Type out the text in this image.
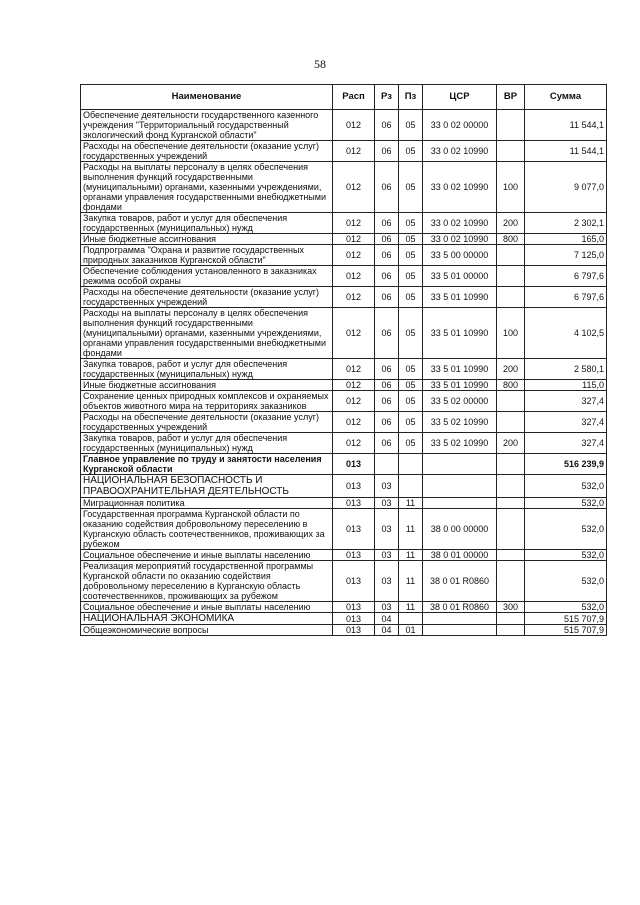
58
Наименование	Расп	Рз	Пз	ЦСР	ВР	Сумма
Обеспечение деятельности государственного казенного учреждения "Территориальный государственный экологический фонд Курганской области"	012	06	05	33 0 02 00000		11 544,1
Расходы на обеспечение деятельности (оказание услуг) государственных учреждений	012	06	05	33 0 02 10990		11 544,1
Расходы на выплаты персоналу в целях обеспечения выполнения функций государственными (муниципальными) органами, казенными учреждениями, органами управления государственными внебюджетными фондами	012	06	05	33 0 02 10990	100	9 077,0
Закупка товаров, работ и услуг для обеспечения государственных (муниципальных) нужд	012	06	05	33 0 02 10990	200	2 302,1
Иные бюджетные ассигнования	012	06	05	33 0 02 10990	800	165,0
Подпрограмма "Охрана и развитие государственных природных заказников Курганской области"	012	06	05	33 5 00 00000		7 125,0
Обеспечение соблюдения установленного в заказниках режима особой охраны	012	06	05	33 5 01 00000		6 797,6
Расходы на обеспечение деятельности (оказание услуг) государственных учреждений	012	06	05	33 5 01 10990		6 797,6
Расходы на выплаты персоналу в целях обеспечения выполнения функций государственными (муниципальными) органами, казенными учреждениями, органами управления государственными внебюджетными фондами	012	06	05	33 5 01 10990	100	4 102,5
Закупка товаров, работ и услуг для обеспечения государственных (муниципальных) нужд	012	06	05	33 5 01 10990	200	2 580,1
Иные бюджетные ассигнования	012	06	05	33 5 01 10990	800	115,0
Сохранение ценных природных комплексов и охраняемых объектов животного мира на территориях заказников	012	06	05	33 5 02 00000		327,4
Расходы на обеспечение деятельности (оказание услуг) государственных учреждений	012	06	05	33 5 02 10990		327,4
Закупка товаров, работ и услуг для обеспечения государственных (муниципальных) нужд	012	06	05	33 5 02 10990	200	327,4
Главное управление по труду и занятости населения Курганской области	013					516 239,9
НАЦИОНАЛЬНАЯ БЕЗОПАСНОСТЬ И ПРАВООХРАНИТЕЛЬНАЯ ДЕЯТЕЛЬНОСТЬ	013	03				532,0
Миграционная политика	013	03	11			532,0
Государственная программа Курганской области по оказанию содействия добровольному переселению в Курганскую область соотечественников, проживающих за рубежом	013	03	11	38 0 00 00000		532,0
Социальное обеспечение и иные выплаты населению	013	03	11	38 0 01 00000		532,0
Реализация мероприятий государственной программы Курганской области по оказанию содействия добровольному переселению в Курганскую область соотечественников, проживающих за рубежом	013	03	11	38 0 01 R0860		532,0
Социальное обеспечение и иные выплаты населению	013	03	11	38 0 01 R0860	300	532,0
НАЦИОНАЛЬНАЯ ЭКОНОМИКА	013	04				515 707,9
Общеэкономические вопросы	013	04	01			515 707,9
